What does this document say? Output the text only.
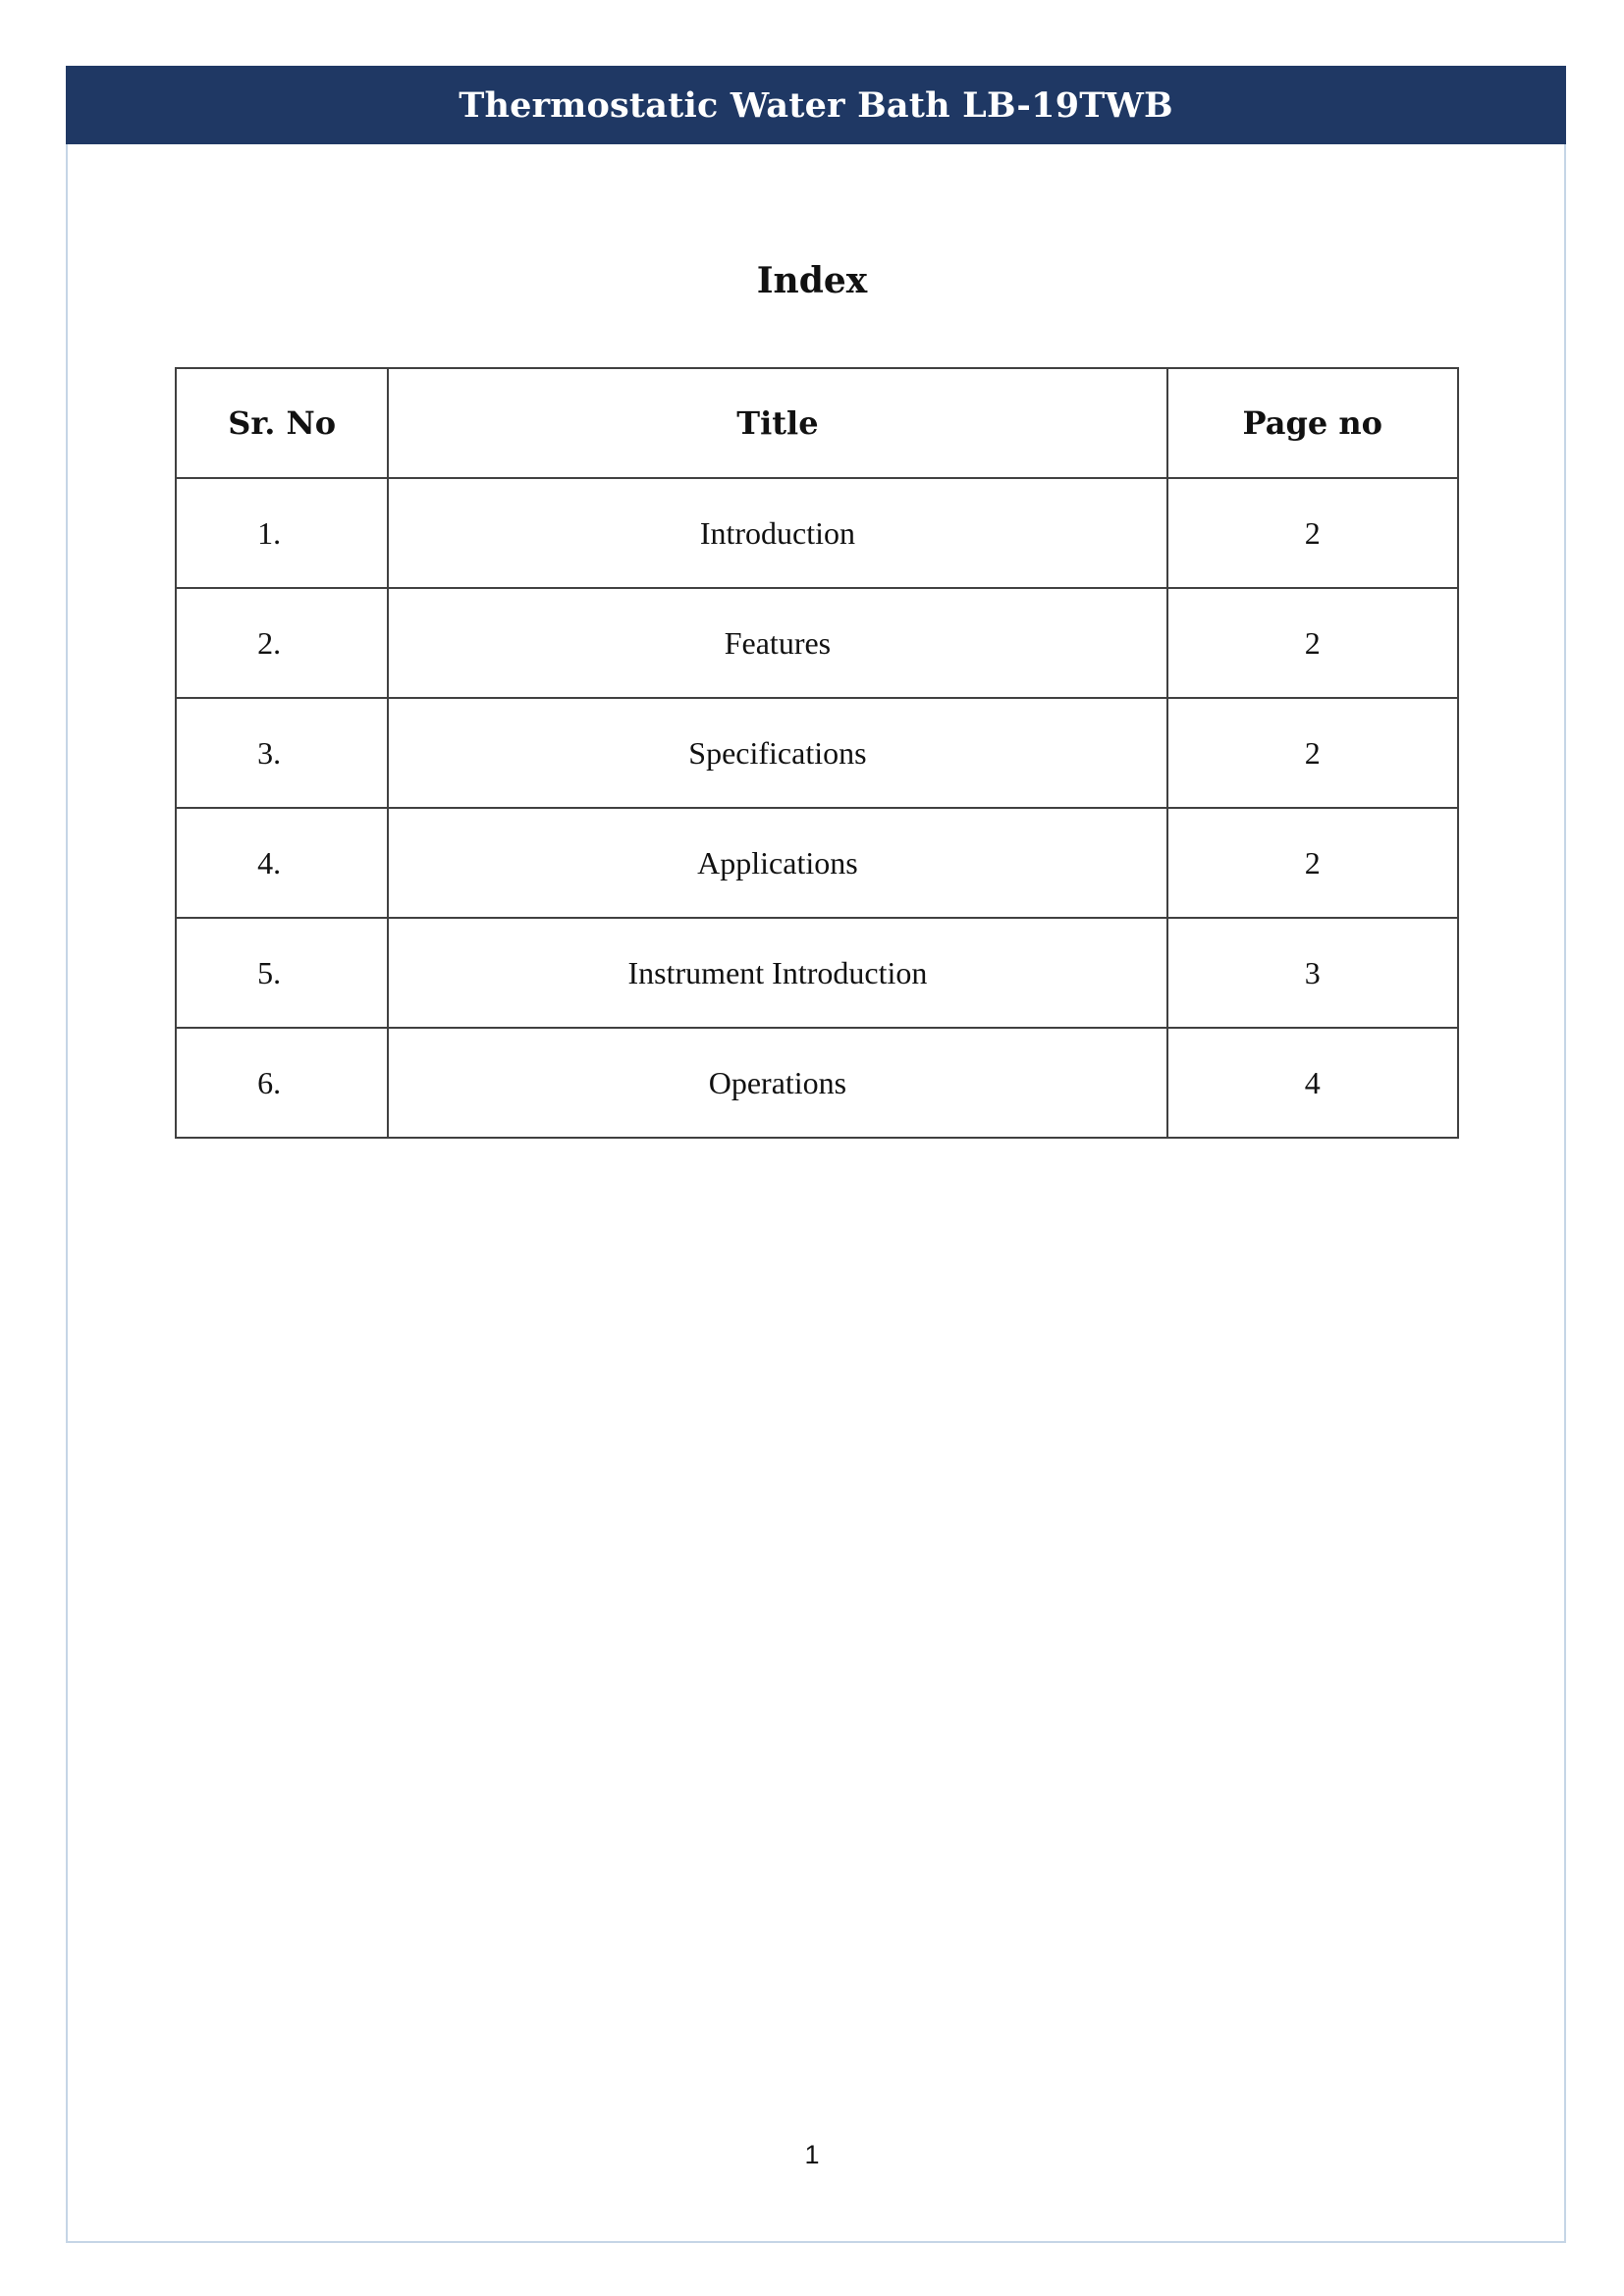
Thermostatic Water Bath LB-19TWB
Index
Sr. No	Title	Page no
1.	Introduction	2
2.	Features	2
3.	Specifications	2
4.	Applications	2
5.	Instrument Introduction	3
6.	Operations	4
1
